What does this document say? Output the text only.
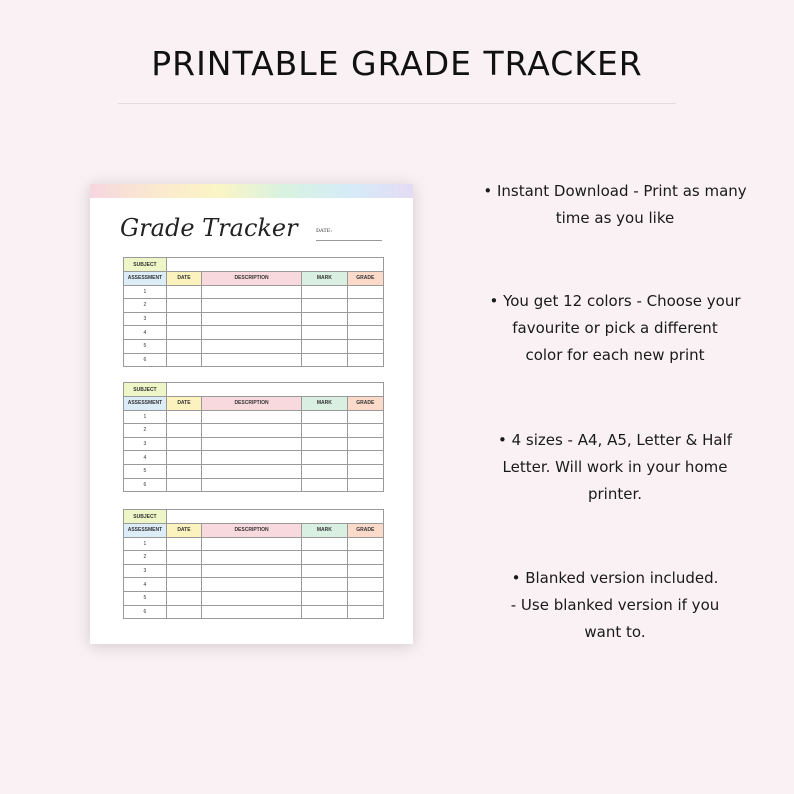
PRINTABLE GRADE TRACKER
Grade Tracker	DATE:
SUBJECT				
ASSESSMENT	DATE	DESCRIPTION	MARK	GRADE
1				
2				
3				
4				
5				
6				
SUBJECT				
ASSESSMENT	DATE	DESCRIPTION	MARK	GRADE
1				
2				
3				
4				
5				
6				
SUBJECT				
ASSESSMENT	DATE	DESCRIPTION	MARK	GRADE
1				
2				
3				
4				
5				
6				
• Instant Download - Print as many
time as you like
• You get 12 colors - Choose your
favourite or pick a different
color for each new print
• 4 sizes - A4, A5, Letter & Half
Letter. Will work in your home
printer.
• Blanked version included.
- Use blanked version if you
want to.
